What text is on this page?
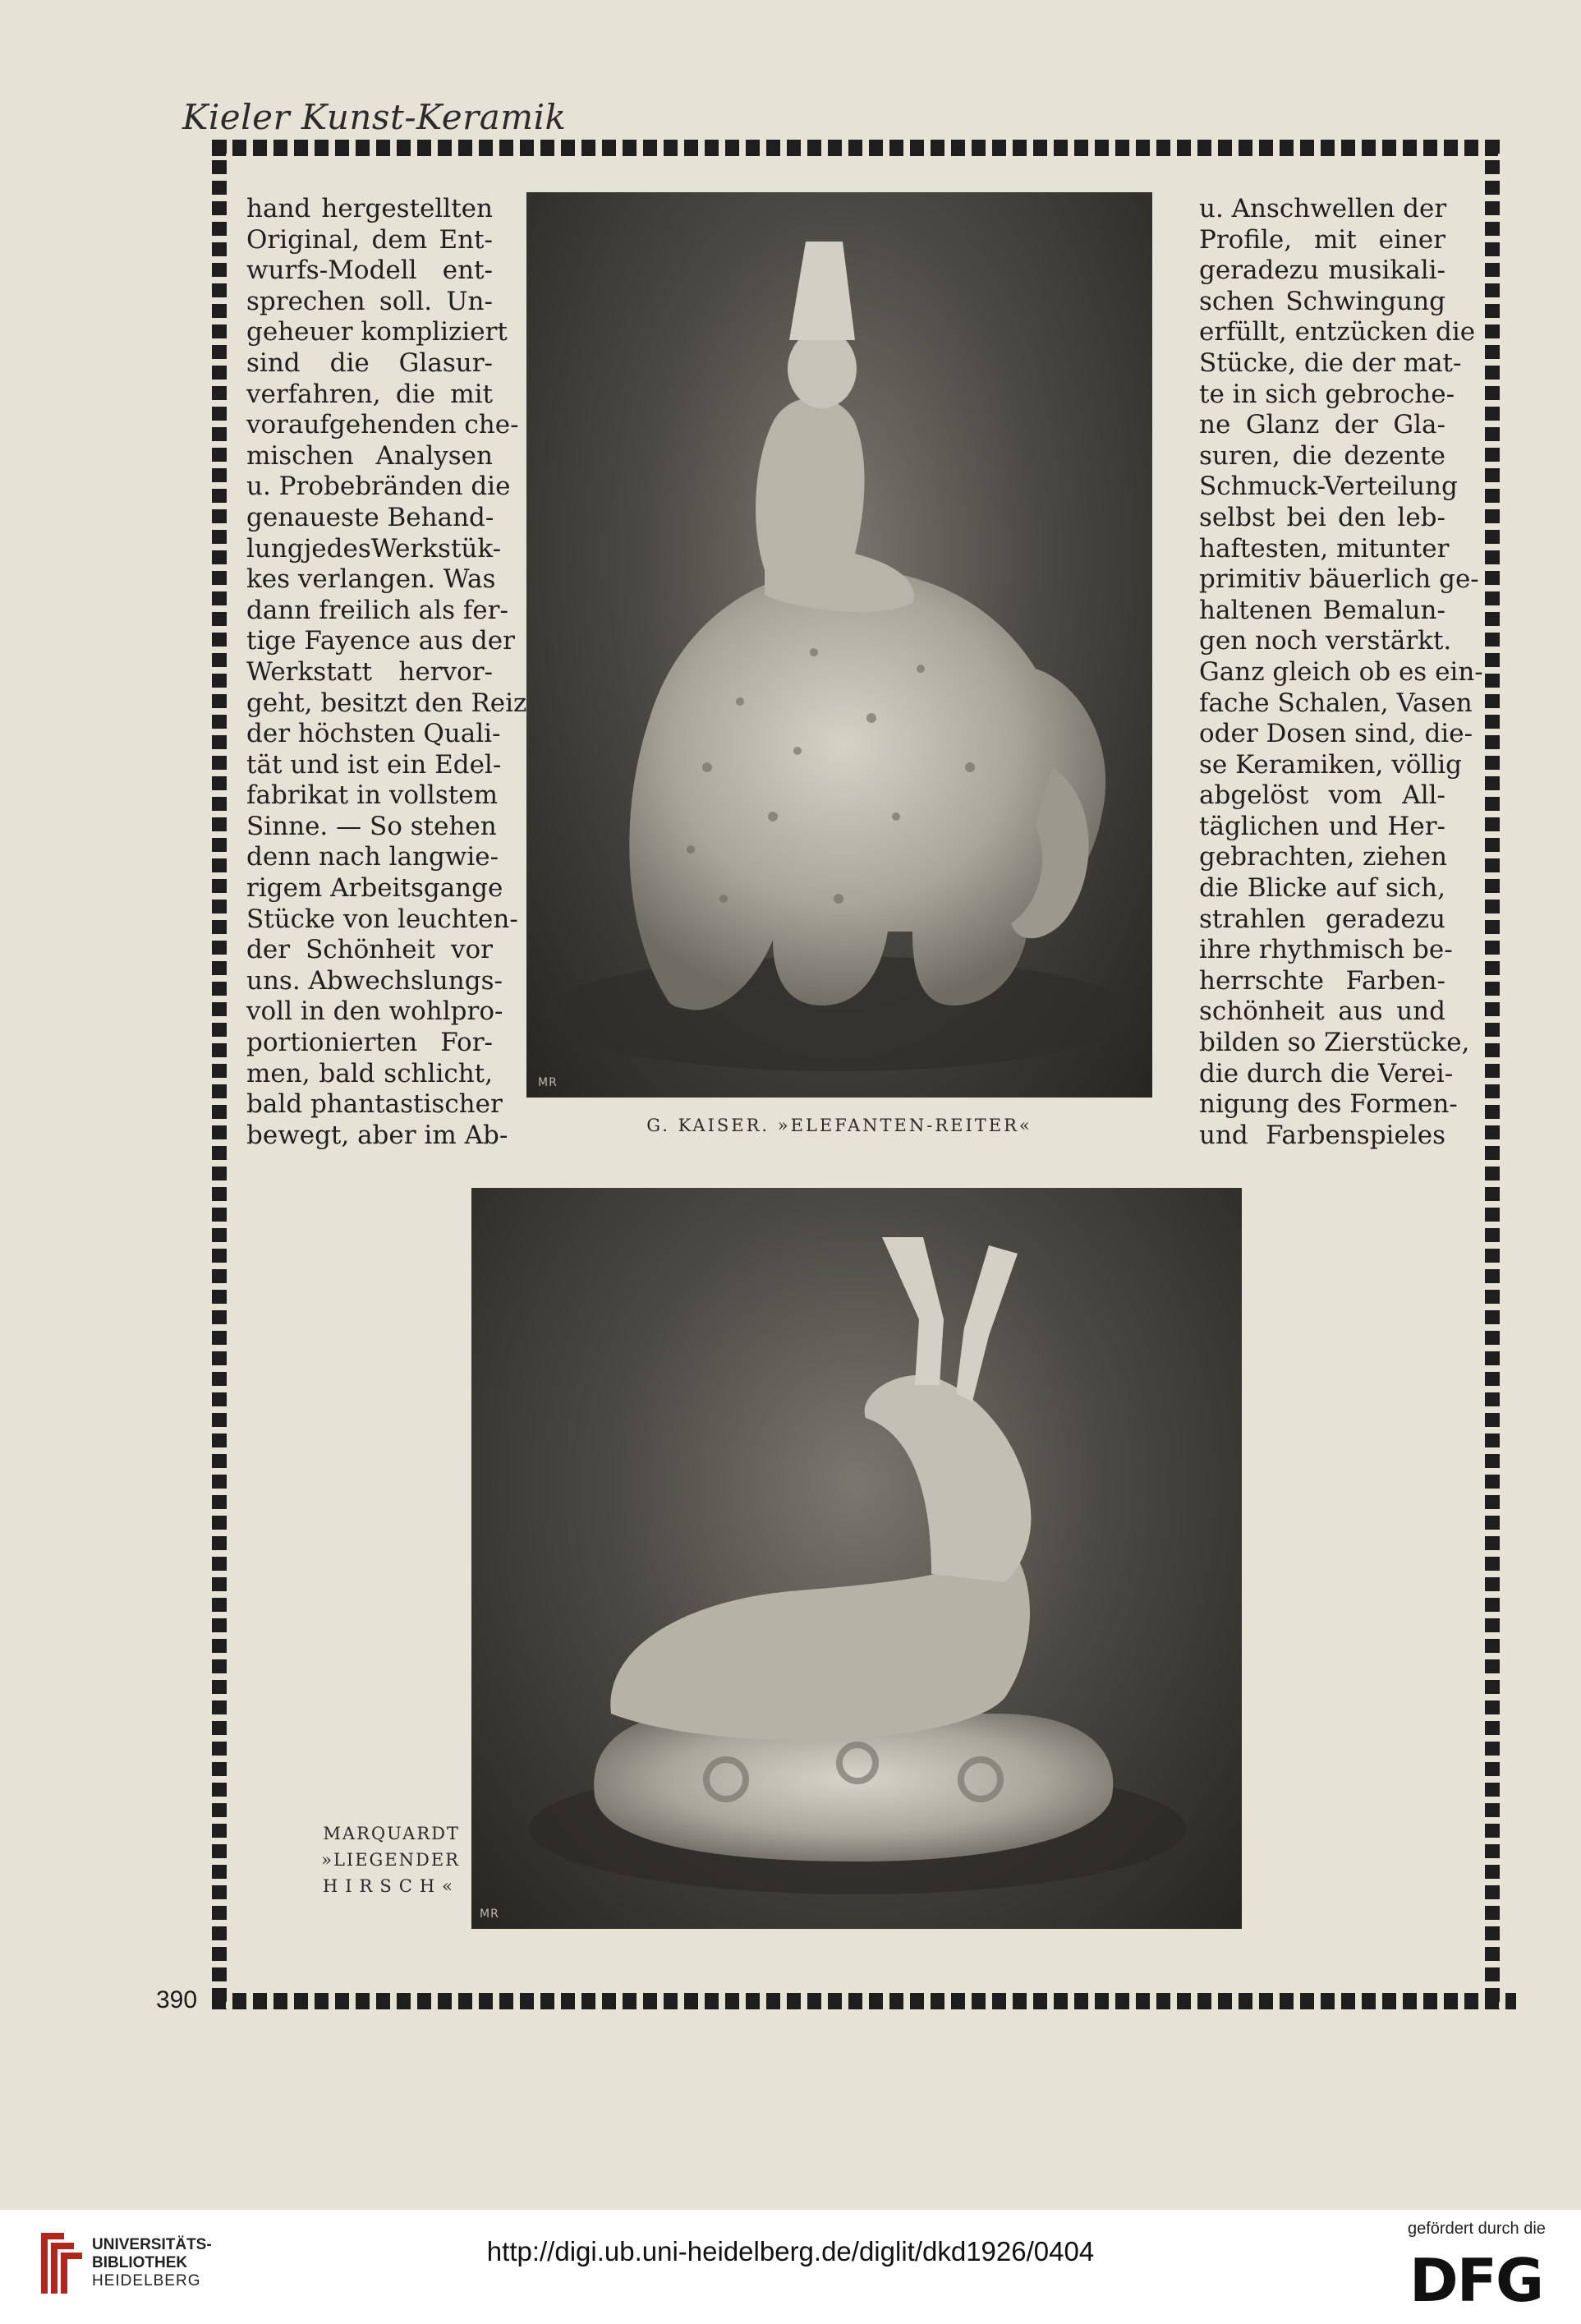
Kieler Kunst-Keramik
hand hergestellten
Original, dem Ent-
wurfs-Modell ent-
sprechen soll. Un-
geheuer kompliziert
sind die Glasur-
verfahren, die mit
voraufgehenden che-
mischen Analysen
u. Probebränden die
genaueste Behand-
lungjedesWerkstük-
kes verlangen. Was
dann freilich als fer-
tige Fayence aus der
Werkstatt hervor-
geht, besitzt den Reiz
der höchsten Quali-
tät und ist ein Edel-
fabrikat in vollstem
Sinne. — So stehen
denn nach langwie-
rigem Arbeitsgange
Stücke von leuchten-
der Schönheit vor
uns. Abwechslungs-
voll in den wohlpro-
portionierten For-
men, bald schlicht,
bald phantastischer
bewegt, aber im Ab-
u. Anschwellen der
Profile, mit einer
geradezu musikali-
schen Schwingung
erfüllt, entzücken die
Stücke, die der mat-
te in sich gebroche-
ne Glanz der Gla-
suren, die dezente
Schmuck-Verteilung
selbst bei den leb-
haftesten, mitunter
primitiv bäuerlich ge-
haltenen Bemalun-
gen noch verstärkt.
Ganz gleich ob es ein-
fache Schalen, Vasen
oder Dosen sind, die-
se Keramiken, völlig
abgelöst vom All-
täglichen und Her-
gebrachten, ziehen
die Blicke auf sich,
strahlen geradezu
ihre rhythmisch be-
herrschte Farben-
schönheit aus und
bilden so Zierstücke,
die durch die Verei-
nigung des Formen-
und Farbenspieles
MR
G. KAISER. »ELEFANTEN-REITER«
MR
MARQUARDT
»LIEGENDER
HIRSCH«
390
UNIVERSITÄTS-
BIBLIOTHEK
HEIDELBERG
http://digi.ub.uni-heidelberg.de/diglit/dkd1926/0404
gefördert durch die
DFG
